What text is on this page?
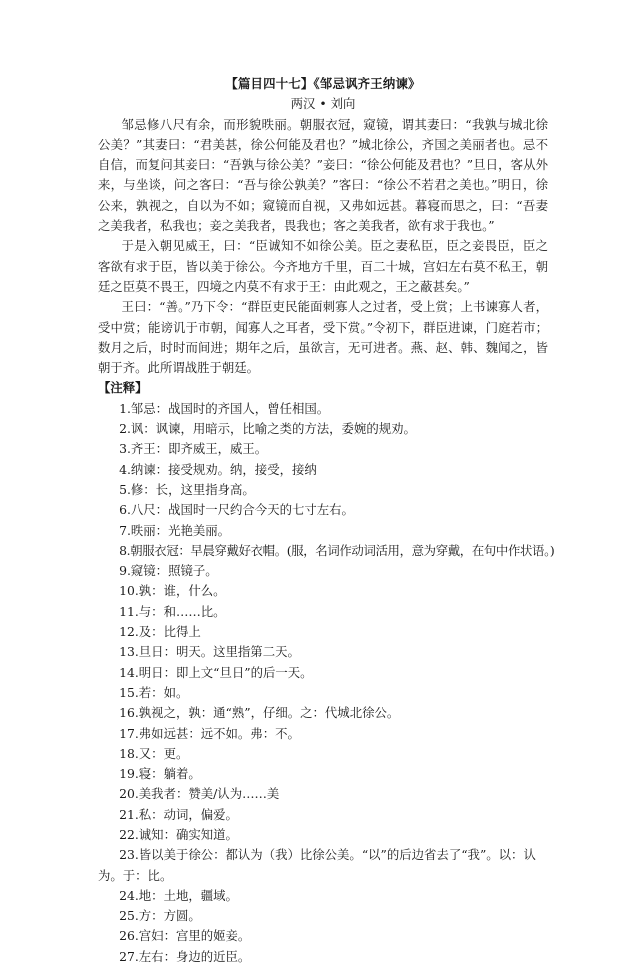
【篇目四十七】《邹忌讽齐王纳谏》

两汉 • 刘向

邹忌修八尺有余，而形貌昳丽。朝服衣冠，窥镜，谓其妻曰：“我孰与城北徐公美？”其妻曰：“君美甚，徐公何能及君也？”城北徐公，齐国之美丽者也。忌不自信，而复问其妾曰：“吾孰与徐公美？”妾曰：“徐公何能及君也？”旦日，客从外来，与坐谈，问之客曰：“吾与徐公孰美？”客曰：“徐公不若君之美也。”明日，徐公来，孰视之，自以为不如；窥镜而自视，又弗如远甚。暮寝而思之，曰：“吾妻之美我者，私我也；妾之美我者，畏我也；客之美我者，欲有求于我也。”

于是入朝见威王，曰：“臣诚知不如徐公美。臣之妻私臣，臣之妾畏臣，臣之客欲有求于臣，皆以美于徐公。今齐地方千里，百二十城，宫妇左右莫不私王，朝廷之臣莫不畏王，四境之内莫不有求于王：由此观之，王之蔽甚矣。”

王曰：“善。”乃下令：“群臣吏民能面刺寡人之过者，受上赏；上书谏寡人者，受中赏；能谤讥于市朝，闻寡人之耳者，受下赏。”令初下，群臣进谏，门庭若市；数月之后，时时而间进；期年之后，虽欲言，无可进者。燕、赵、韩、魏闻之，皆朝于齐。此所谓战胜于朝廷。

【注释】

1.邹忌：战国时的齐国人，曾任相国。

2.讽：讽谏，用暗示，比喻之类的方法，委婉的规劝。

3.齐王：即齐威王，威王。

4.纳谏：接受规劝。纳，接受，接纳

5.修：长，这里指身高。

6.八尺：战国时一尺约合今天的七寸左右。

7.昳丽：光艳美丽。

8.朝服衣冠：早晨穿戴好衣帽。(服，名词作动词活用，意为穿戴，在句中作状语。)

9.窥镜：照镜子。

10.孰：谁，什么。

11.与：和……比。

12.及：比得上

13.旦日：明天。这里指第二天。

14.明日：即上文“旦日”的后一天。

15.若：如。

16.孰视之，孰：通“熟”，仔细。之：代城北徐公。

17.弗如远甚：远不如。弗：不。

18.又：更。

19.寝：躺着。

20.美我者：赞美/认为……美

21.私：动词，偏爱。

22.诚知：确实知道。

23.皆以美于徐公：都认为（我）比徐公美。“以”的后边省去了“我”。以：认为。于：比。

24.地：土地，疆域。

25.方：方圆。

26.宫妇：宫里的姬妾。

27.左右：身边的近臣。
